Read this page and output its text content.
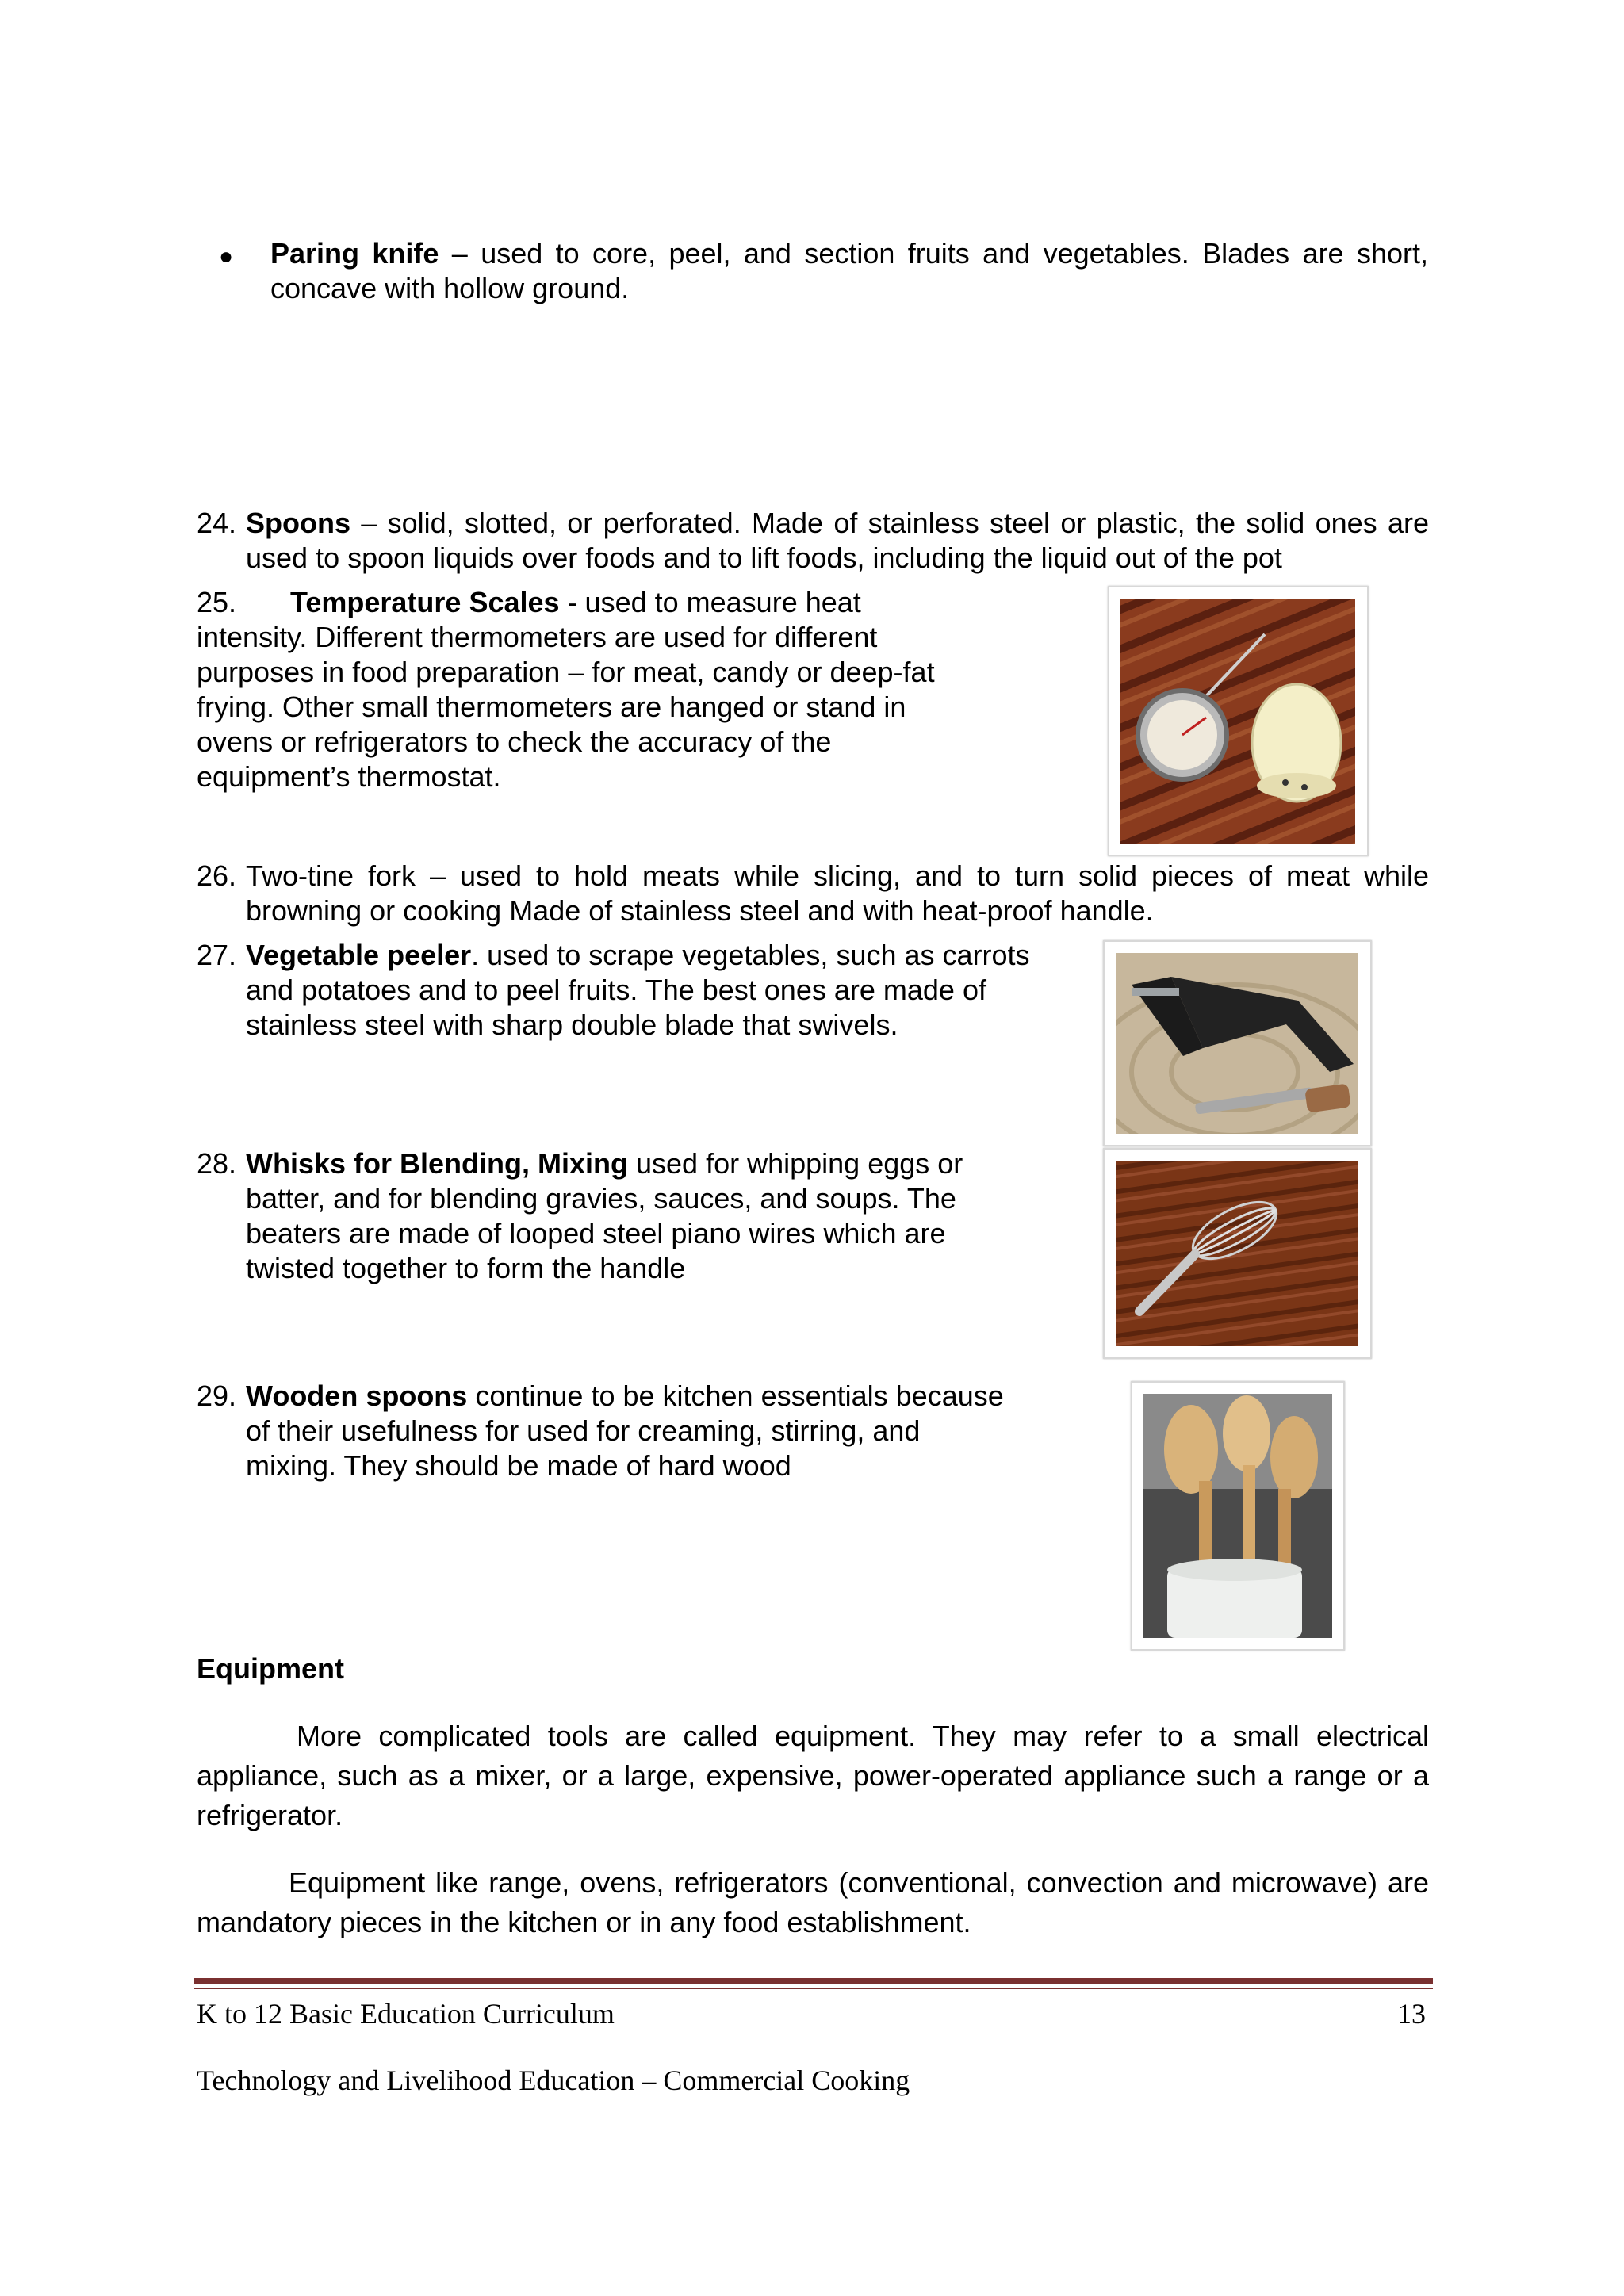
● Paring knife – used to core, peel, and section fruits and vegetables. Blades are short, concave with hollow ground.
24. Spoons – solid, slotted, or perforated. Made of stainless steel or plastic, the solid ones are used to spoon liquids over foods and to lift foods, including the liquid out of the pot
25. Temperature Scales - used to measure heat
intensity. Different thermometers are used for different purposes in food preparation – for meat, candy or deep-fat frying. Other small thermometers are hanged or stand in ovens or refrigerators to check the accuracy of the equipment’s thermostat.
26. Two-tine fork – used to hold meats while slicing, and to turn solid pieces of meat while browning or cooking Made of stainless steel and with heat-proof handle.
27. Vegetable peeler. used to scrape vegetables, such as carrots and potatoes and to peel fruits. The best ones are made of stainless steel with sharp double blade that swivels.
28. Whisks for Blending, Mixing used for whipping eggs or batter, and for blending gravies, sauces, and soups. The beaters are made of looped steel piano wires which are twisted together to form the handle
29. Wooden spoons continue to be kitchen essentials because of their usefulness for used for creaming, stirring, and mixing. They should be made of hard wood
Equipment
More complicated tools are called equipment. They may refer to a small electrical appliance, such as a mixer, or a large, expensive, power-operated appliance such a range or a refrigerator.
Equipment like range, ovens, refrigerators (conventional, convection and microwave) are mandatory pieces in the kitchen or in any food establishment.
K to 12 Basic Education Curriculum	13
Technology and Livelihood Education – Commercial Cooking
